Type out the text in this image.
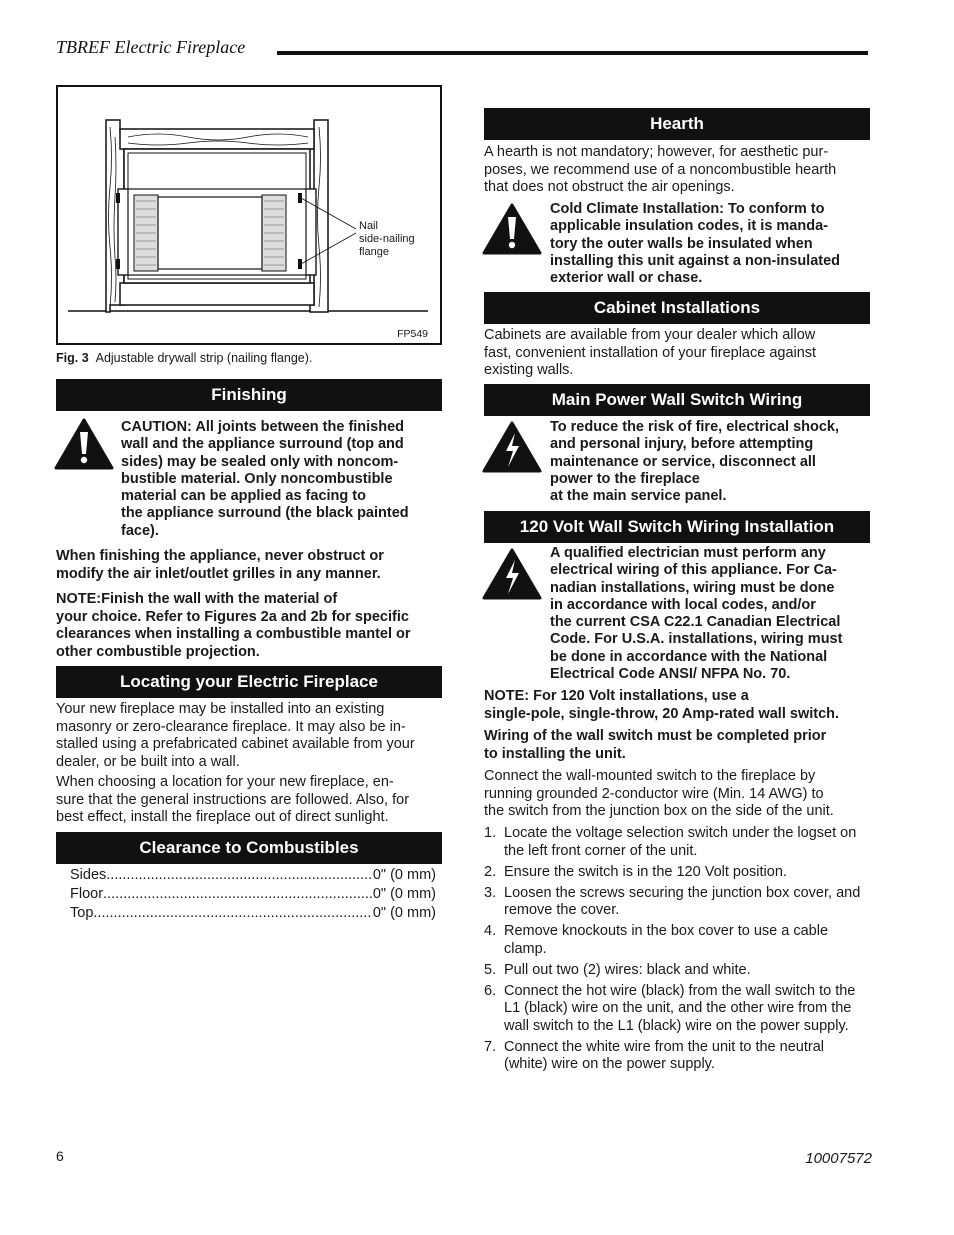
TBREF Electric Fireplace
Nail
side-nailing
flange
FP549
Fig. 3 Adjustable drywall strip (nailing flange).
Finishing
CAUTION: All joints between the finished
wall and the appliance surround (top and
sides) may be sealed only with noncom-
bustible material. Only noncombustible
material can be applied as facing to
the appliance surround (the black painted
face).
When finishing the appliance, never obstruct or
modify the air inlet/outlet grilles in any manner.
NOTE:Finish the wall with the material of
your choice. Refer to Figures 2a and 2b for specific
clearances when installing a combustible mantel or
other combustible projection.
Locating your Electric Fireplace
Your new fireplace may be installed into an existing
masonry or zero-clearance fireplace. It may also be in-
stalled using a prefabricated cabinet available from your
dealer, or be built into a wall.
When choosing a location for your new fireplace, en-
sure that the general instructions are followed. Also, for
best effect, install the fireplace out of direct sunlight.
Clearance to Combustibles
Sides .....	0" (0 mm)
Floor .....	0" (0 mm)
Top .....	0" (0 mm)
Hearth
A hearth is not mandatory; however, for aesthetic pur-
poses, we recommend use of a noncombustible hearth
that does not obstruct the air openings.
Cold Climate Installation: To conform to
applicable insulation codes, it is manda-
tory the outer walls be insulated when
installing this unit against a non-insulated
exterior wall or chase.
Cabinet Installations
Cabinets are available from your dealer which allow
fast, convenient installation of your fireplace against
existing walls.
Main Power Wall Switch Wiring
To reduce the risk of fire, electrical shock,
and personal injury, before attempting
maintenance or service, disconnect all
power to the fireplace
at the main service panel.
120 Volt Wall Switch Wiring Installation
A qualified electrician must perform any
electrical wiring of this appliance. For Ca-
nadian installations, wiring must be done
in accordance with local codes, and/or
the current CSA C22.1 Canadian Electrical
Code. For U.S.A. installations, wiring must
be done in accordance with the National
Electrical Code ANSI/ NFPA No. 70.
NOTE: For 120 Volt installations, use a
single-pole, single-throw, 20 Amp-rated wall switch.
Wiring of the wall switch must be completed prior
to installing the unit.
Connect the wall-mounted switch to the fireplace by
running grounded 2-conductor wire (Min. 14 AWG) to
the switch from the junction box on the side of the unit.
1. Locate the voltage selection switch under the logset on the left front corner of the unit.
2. Ensure the switch is in the 120 Volt position.
3. Loosen the screws securing the junction box cover, and remove the cover.
4. Remove knockouts in the box cover to use a cable clamp.
5. Pull out two (2) wires: black and white.
6. Connect the hot wire (black) from the wall switch to the L1 (black) wire on the unit, and the other wire from the wall switch to the L1 (black) wire on the power supply.
7. Connect the white wire from the unit to the neutral (white) wire on the power supply.
6	10007572
